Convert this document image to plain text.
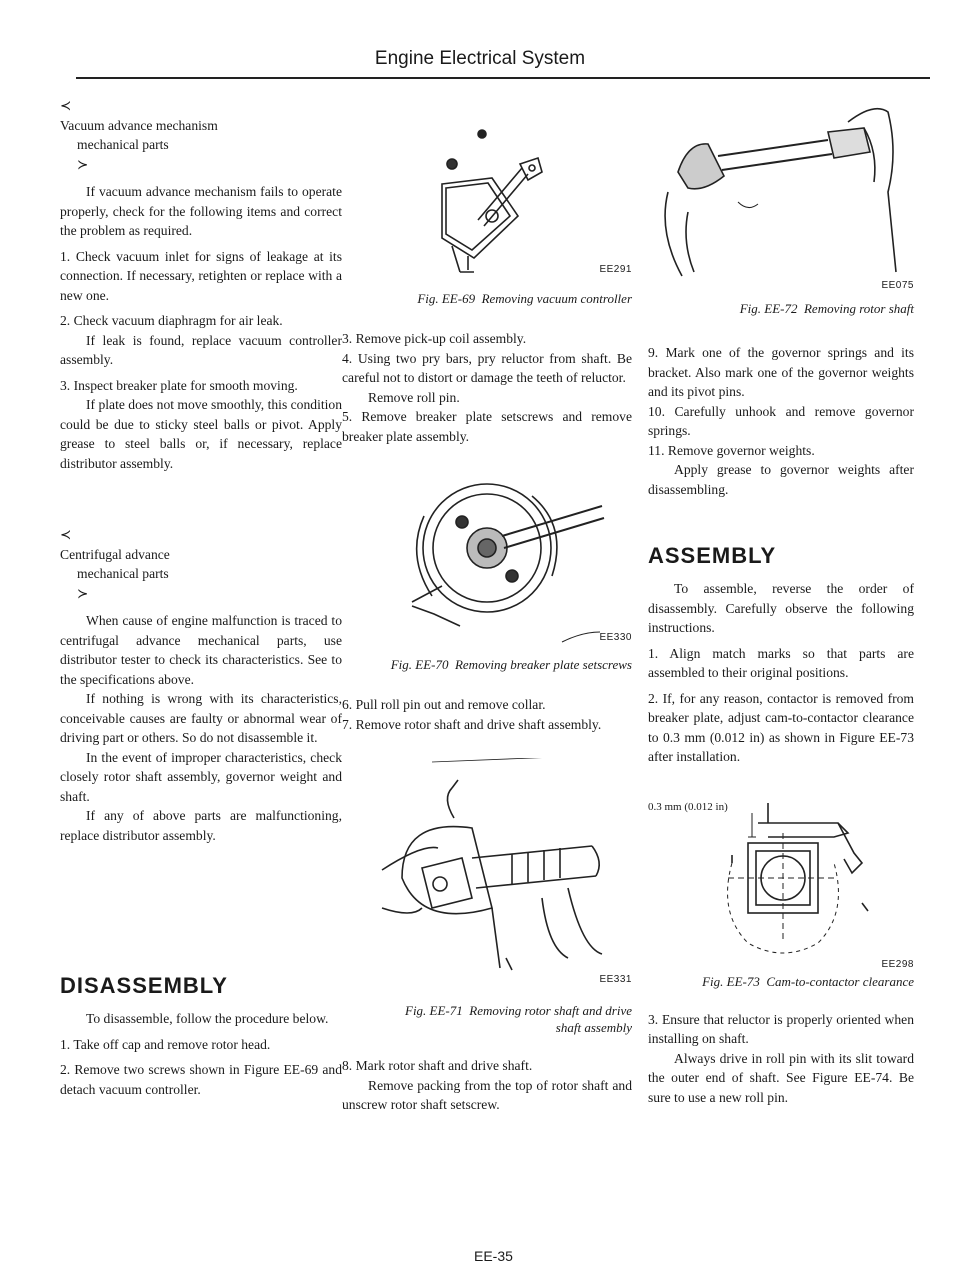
Engine Electrical System
≺
Vacuum advance mechanism
mechanical parts
≻

If vacuum advance mechanism fails to operate properly, check for the following items and correct the problem as required.

1. Check vacuum inlet for signs of leakage at its connection. If necessary, retighten or replace with a new one.

2. Check vacuum diaphragm for air leak.

If leak is found, replace vacuum controller assembly.

3. Inspect breaker plate for smooth moving.

If plate does not move smoothly, this condition could be due to sticky steel balls or pivot. Apply grease to steel balls or, if necessary, replace distributor assembly.

≺
Centrifugal advance
mechanical parts
≻

When cause of engine malfunction is traced to centrifugal advance mechanical parts, use distributor tester to check its characteristics. See to the specifications above.

If nothing is wrong with its characteristics, conceivable causes are faulty or abnormal wear of driving part or others. So do not disassemble it.

In the event of improper characteristics, check closely rotor shaft assembly, governor weight and shaft.

If any of above parts are malfunctioning, replace distributor assembly.

DISASSEMBLY

To disassemble, follow the procedure below.

1. Take off cap and remove rotor head.

2. Remove two screws shown in Figure EE-69 and detach vacuum controller.

EE291

Fig. EE-69 Removing vacuum controller

3. Remove pick-up coil assembly.

4. Using two pry bars, pry reluctor from shaft. Be careful not to distort or damage the teeth of reluctor.

Remove roll pin.

5. Remove breaker plate setscrews and remove breaker plate assembly.

EE330

Fig. EE-70 Removing breaker plate setscrews

6. Pull roll pin out and remove collar.

7. Remove rotor shaft and drive shaft assembly.

EE331

Fig. EE-71 Removing rotor shaft and drive shaft assembly

8. Mark rotor shaft and drive shaft.

Remove packing from the top of rotor shaft and unscrew rotor shaft setscrew.

EE075

Fig. EE-72 Removing rotor shaft

9. Mark one of the governor springs and its bracket. Also mark one of the governor weights and its pivot pins.

10. Carefully unhook and remove governor springs.

11. Remove governor weights.

Apply grease to governor weights after disassembling.

ASSEMBLY

To assemble, reverse the order of disassembly. Carefully observe the following instructions.

1. Align match marks so that parts are assembled to their original positions.

2. If, for any reason, contactor is removed from breaker plate, adjust cam-to-contactor clearance to 0.3 mm (0.012 in) as shown in Figure EE-73 after installation.

0.3 mm (0.012 in)
EE298

Fig. EE-73 Cam-to-contactor clearance

3. Ensure that reluctor is properly oriented when installing on shaft.

Always drive in roll pin with its slit toward the outer end of shaft. See Figure EE-74. Be sure to use a new roll pin.

EE-35
